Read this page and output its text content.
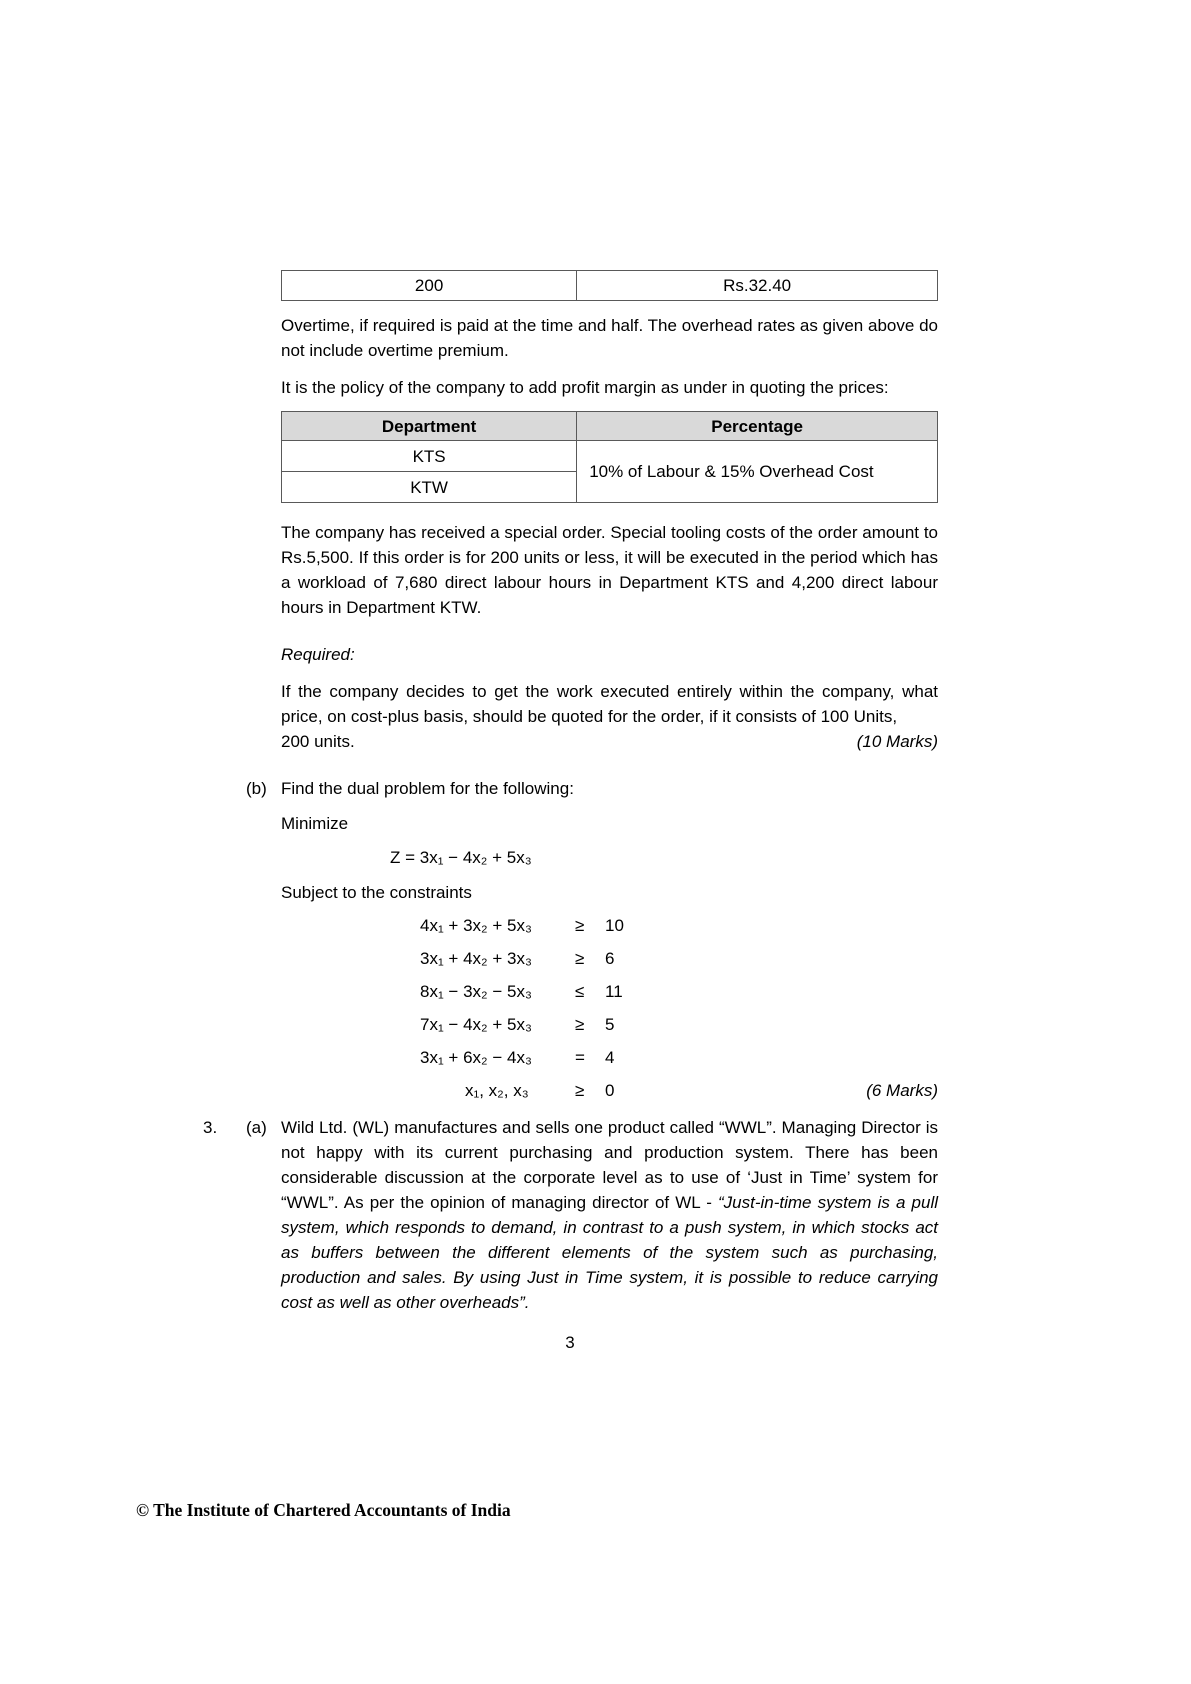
200	Rs.32.40

Overtime, if required is paid at the time and half. The overhead rates as given above do not include overtime premium.

It is the policy of the company to add profit margin as under in quoting the prices:

Department	Percentage
KTS	10% of Labour & 15% Overhead Cost
KTW	

The company has received a special order. Special tooling costs of the order amount to Rs.5,500. If this order is for 200 units or less, it will be executed in the period which has a workload of 7,680 direct labour hours in Department KTS and 4,200 direct labour hours in Department KTW.

Required:

If the company decides to get the work executed entirely within the company, what price, on cost-plus basis, should be quoted for the order, if it consists of 100 Units,

200 units.	(10 Marks)
(b) Find the dual problem for the following:

Minimize

Z = 3x₁ − 4x₂ + 5x₃

Subject to the constraints

4x₁ + 3x₂ + 5x₃	≥	10
3x₁ + 4x₂ + 3x₃	≥	6
8x₁ − 3x₂ − 5x₃	≤	11
7x₁ − 4x₂ + 5x₃	≥	5
3x₁ + 6x₂ − 4x₃	=	4
x₁, x₂, x₃	≥	0	(6 Marks)
3. (a) Wild Ltd. (WL) manufactures and sells one product called “WWL”. Managing Director is not happy with its current purchasing and production system. There has been considerable discussion at the corporate level as to use of ‘Just in Time’ system for “WWL”. As per the opinion of managing director of WL - “Just-in-time system is a pull system, which responds to demand, in contrast to a push system, in which stocks act as buffers between the different elements of the system such as purchasing, production and sales. By using Just in Time system, it is possible to reduce carrying cost as well as other overheads”.

3
© The Institute of Chartered Accountants of India
